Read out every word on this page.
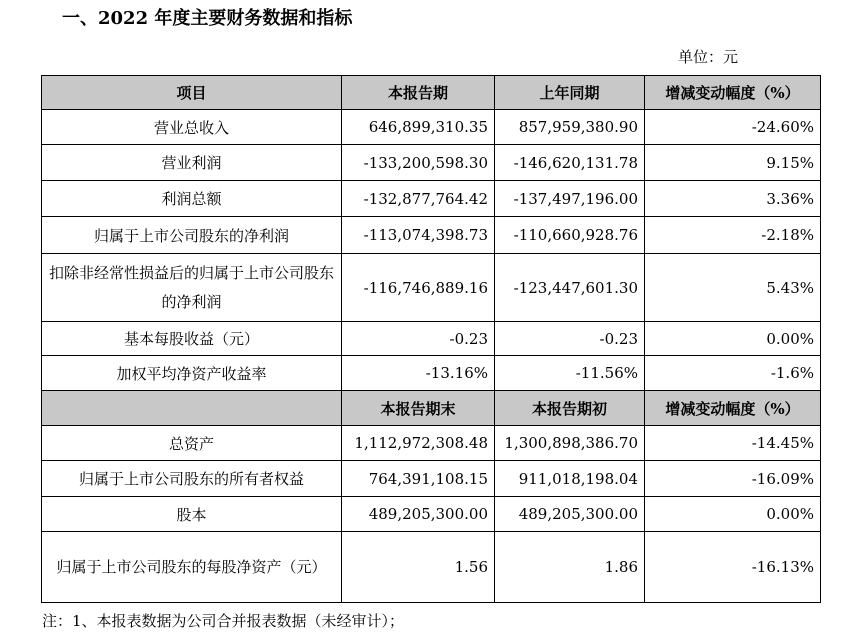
一、2022 年度主要财务数据和指标
单位：元
项目	本报告期	上年同期	增减变动幅度（%）
营业总收入	646,899,310.35	857,959,380.90	-24.60%
营业利润	-133,200,598.30	-146,620,131.78	9.15%
利润总额	-132,877,764.42	-137,497,196.00	3.36%
归属于上市公司股东的净利润	-113,074,398.73	-110,660,928.76	-2.18%
扣除非经常性损益后的归属于上市公司股东的净利润	-116,746,889.16	-123,447,601.30	5.43%
基本每股收益（元）	-0.23	-0.23	0.00%
加权平均净资产收益率	-13.16%	-11.56%	-1.6%
	本报告期末	本报告期初	增减变动幅度（%）
总资产	1,112,972,308.48	1,300,898,386.70	-14.45%
归属于上市公司股东的所有者权益	764,391,108.15	911,018,198.04	-16.09%
股本	489,205,300.00	489,205,300.00	0.00%
归属于上市公司股东的每股净资产（元）	1.56	1.86	-16.13%
注：1、本报表数据为公司合并报表数据（未经审计）；
